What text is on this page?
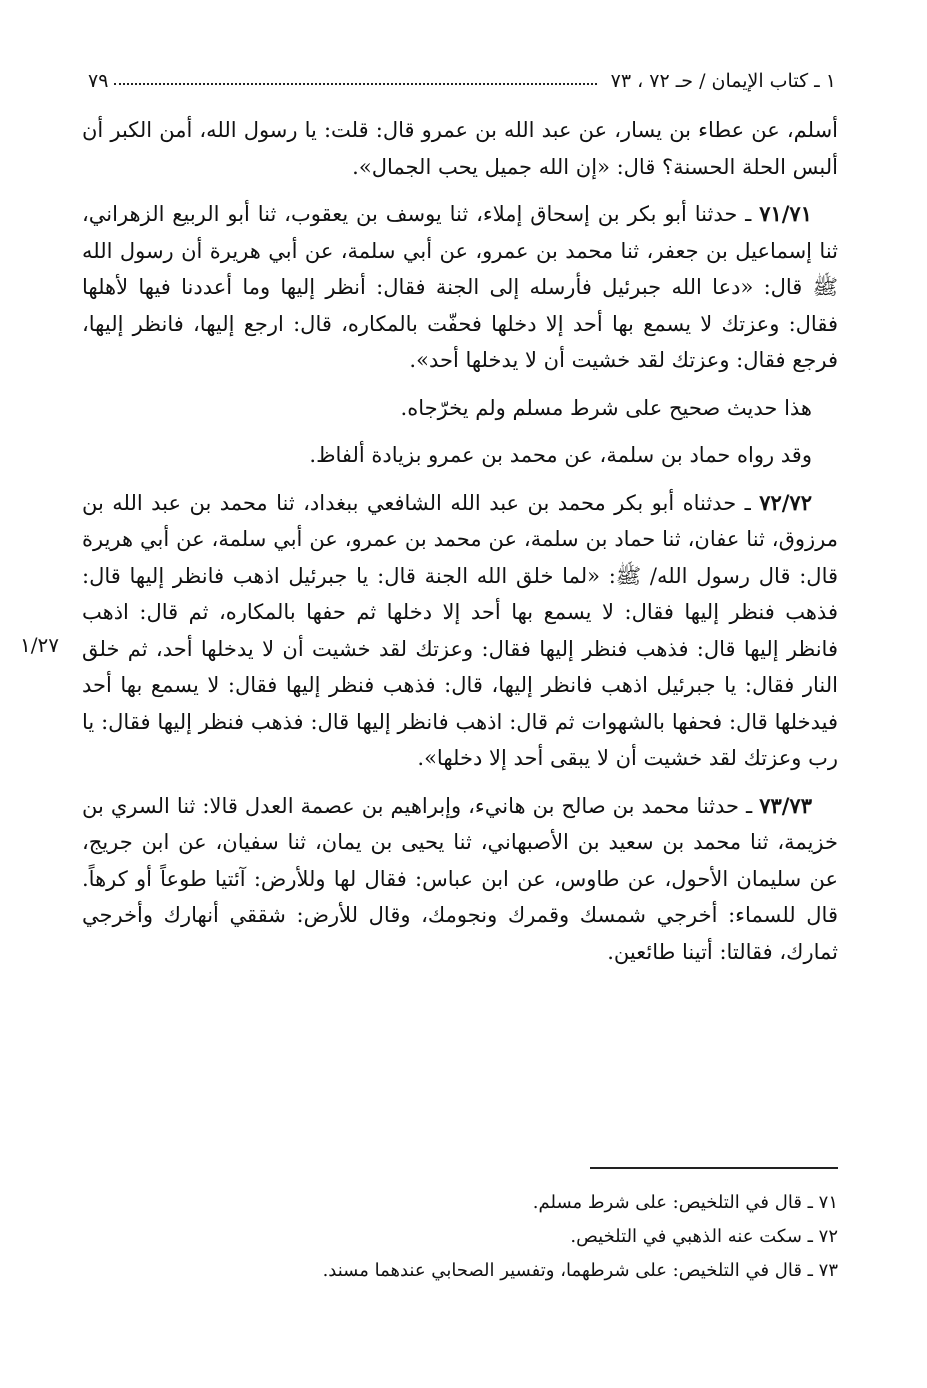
١ ـ كتاب الإيمان / حـ ٧٢ ، ٧٣
٧٩

أسلم، عن عطاء بن يسار، عن عبد الله بن عمرو قال: قلت: يا رسول الله، أمن الكبر أن ألبس الحلة الحسنة؟ قال: «إن الله جميل يحب الجمال».

٧١/٧١ ـ حدثنا أبو بكر بن إسحاق إملاء، ثنا يوسف بن يعقوب، ثنا أبو الربيع الزهراني، ثنا إسماعيل بن جعفر، ثنا محمد بن عمرو، عن أبي سلمة، عن أبي هريرة أن رسول الله ﷺ قال: «دعا الله جبرئيل فأرسله إلى الجنة فقال: أنظر إليها وما أعددنا فيها لأهلها فقال: وعزتك لا يسمع بها أحد إلا دخلها فحفّت بالمكاره، قال: ارجع إليها، فانظر إليها، فرجع فقال: وعزتك لقد خشيت أن لا يدخلها أحد».

هذا حديث صحيح على شرط مسلم ولم يخرّجاه.

وقد رواه حماد بن سلمة، عن محمد بن عمرو بزيادة ألفاظ.

٧٢/٧٢ ـ حدثناه أبو بكر محمد بن عبد الله الشافعي ببغداد، ثنا محمد بن عبد الله بن مرزوق، ثنا عفان، ثنا حماد بن سلمة، عن محمد بن عمرو، عن أبي سلمة، عن أبي هريرة قال: قال رسول الله/ ﷺ: «لما خلق الله الجنة قال: يا جبرئيل اذهب فانظر إليها قال: فذهب فنظر إليها فقال: لا يسمع بها أحد إلا دخلها ثم حفها بالمكاره، ثم قال: اذهب فانظر إليها قال: فذهب فنظر إليها فقال: وعزتك لقد خشيت أن لا يدخلها أحد، ثم خلق النار فقال: يا جبرئيل اذهب فانظر إليها، قال: فذهب فنظر إليها فقال: لا يسمع بها أحد فيدخلها قال: فحفها بالشهوات ثم قال: اذهب فانظر إليها قال: فذهب فنظر إليها فقال: يا رب وعزتك لقد خشيت أن لا يبقى أحد إلا دخلها».

٧٣/٧٣ ـ حدثنا محمد بن صالح بن هانيء، وإبراهيم بن عصمة العدل قالا: ثنا السري بن خزيمة، ثنا محمد بن سعيد بن الأصبهاني، ثنا يحيى بن يمان، ثنا سفيان، عن ابن جريج، عن سليمان الأحول، عن طاوس، عن ابن عباس: فقال لها وللأرض: آئتيا طوعاً أو كرهاً. قال للسماء: أخرجي شمسك وقمرك ونجومك، وقال للأرض: شققي أنهارك وأخرجي ثمارك، فقالتا: أتينا طائعين.

١/٢٧

٧١ ـ قال في التلخيص: على شرط مسلم.

٧٢ ـ سكت عنه الذهبي في التلخيص.

٧٣ ـ قال في التلخيص: على شرطهما، وتفسير الصحابي عندهما مسند.
